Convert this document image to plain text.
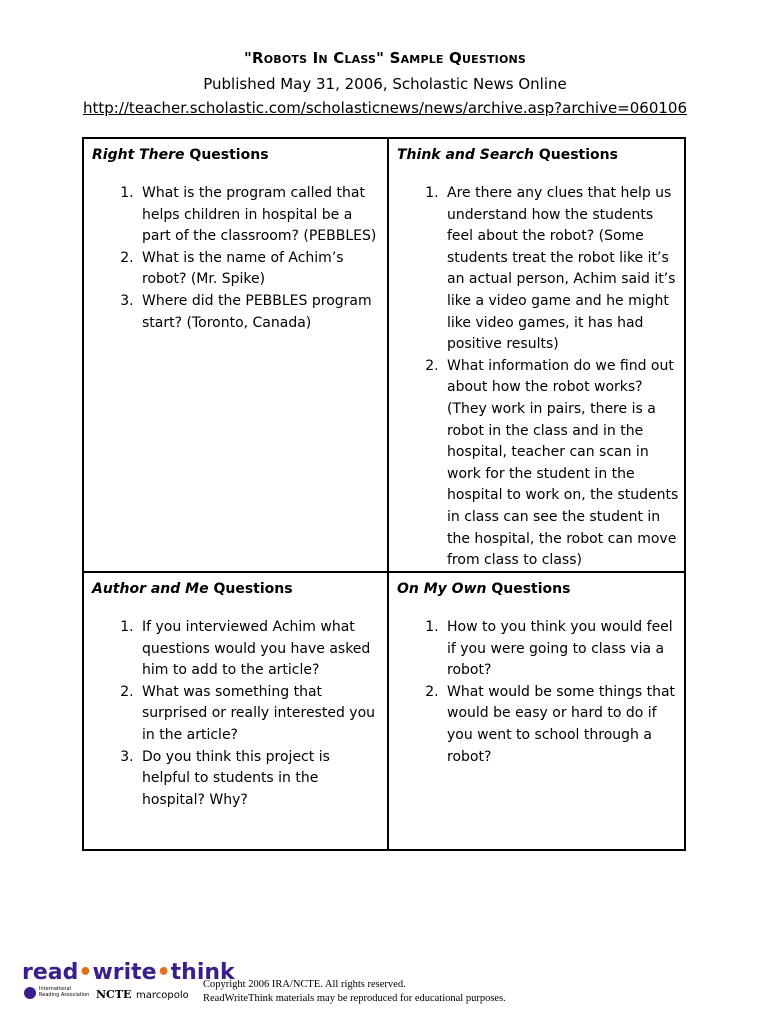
"Robots In Class" Sample Questions
Published May 31, 2006, Scholastic News Online
http://teacher.scholastic.com/scholasticnews/news/archive.asp?archive=060106
Right There Questions
1. What is the program called that helps children in hospital be a part of the classroom? (PEBBLES)
2. What is the name of Achim’s robot? (Mr. Spike)
3. Where did the PEBBLES program start? (Toronto, Canada)
Think and Search Questions
1. Are there any clues that help us understand how the students feel about the robot? (Some students treat the robot like it’s an actual person, Achim said it’s like a video game and he might like video games, it has had positive results)
2. What information do we find out about how the robot works? (They work in pairs, there is a robot in the class and in the hospital, teacher can scan in work for the student in the hospital to work on, the students in class can see the student in the hospital, the robot can move from class to class)
Author and Me Questions
1. If you interviewed Achim what questions would you have asked him to add to the article?
2. What was something that surprised or really interested you in the article?
3. Do you think this project is helpful to students in the hospital? Why?
On My Own Questions
1. How to you think you would feel if you were going to class via a robot?
2. What would be some things that would be easy or hard to do if you went to school through a robot?
read•write•think
International
Reading Association NCTE marcopolo
Copyright 2006 IRA/NCTE. All rights reserved.
ReadWriteThink materials may be reproduced for educational purposes.
